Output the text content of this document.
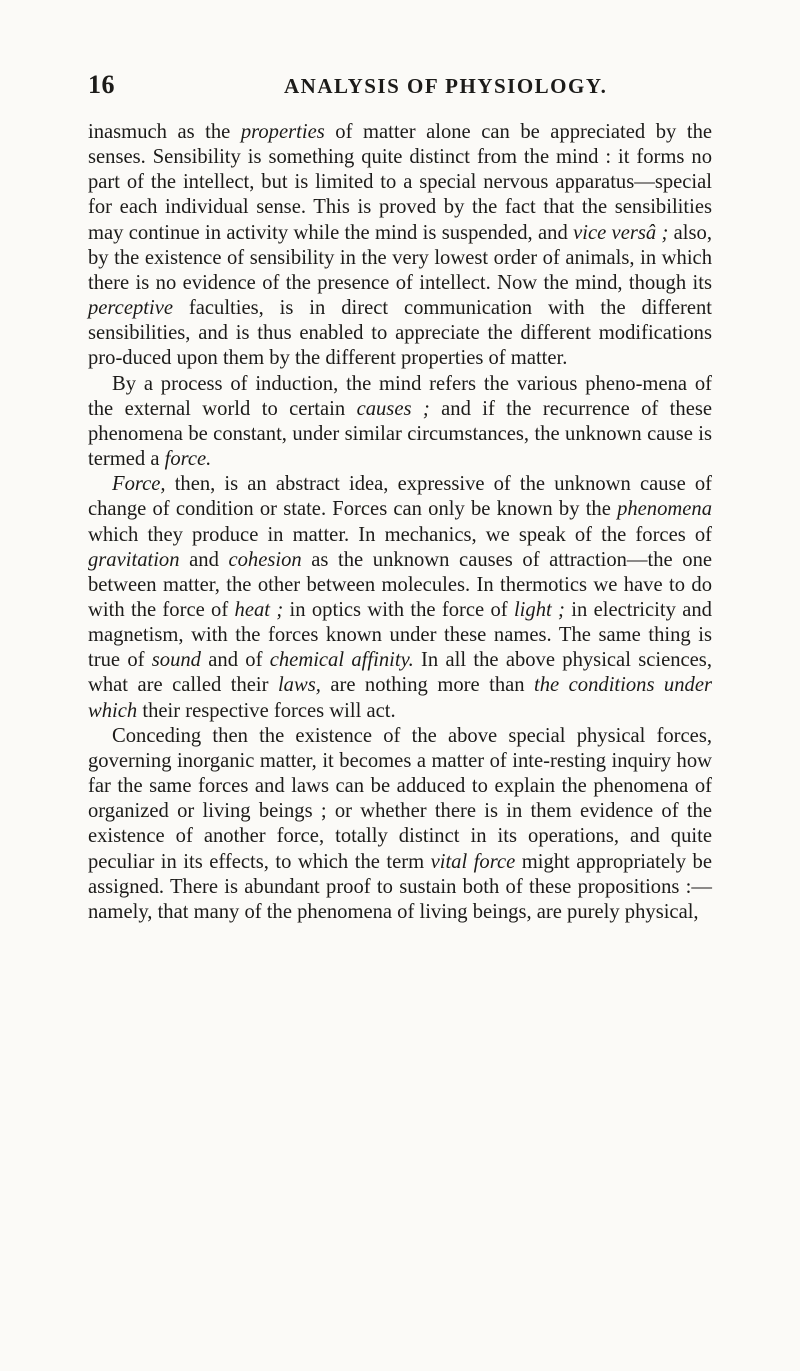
16	ANALYSIS OF PHYSIOLOGY.

inasmuch as the properties of matter alone can be appreciated by the senses. Sensibility is something quite distinct from the mind : it forms no part of the intellect, but is limited to a special nervous apparatus—special for each individual sense. This is proved by the fact that the sensibilities may continue in activity while the mind is suspended, and vice versâ ; also, by the existence of sensibility in the very lowest order of animals, in which there is no evidence of the presence of intellect. Now the mind, though its perceptive faculties, is in direct communication with the different sensibilities, and is thus enabled to appreciate the different modifications pro-duced upon them by the different properties of matter.

By a process of induction, the mind refers the various pheno-mena of the external world to certain causes ; and if the recurrence of these phenomena be constant, under similar circumstances, the unknown cause is termed a force.

Force, then, is an abstract idea, expressive of the unknown cause of change of condition or state. Forces can only be known by the phenomena which they produce in matter. In mechanics, we speak of the forces of gravitation and cohesion as the unknown causes of attraction—the one between matter, the other between molecules. In thermotics we have to do with the force of heat ; in optics with the force of light ; in electricity and magnetism, with the forces known under these names. The same thing is true of sound and of chemical affinity. In all the above physical sciences, what are called their laws, are nothing more than the conditions under which their respective forces will act.

Conceding then the existence of the above special physical forces, governing inorganic matter, it becomes a matter of inte-resting inquiry how far the same forces and laws can be adduced to explain the phenomena of organized or living beings ; or whether there is in them evidence of the existence of another force, totally distinct in its operations, and quite peculiar in its effects, to which the term vital force might appropriately be assigned. There is abundant proof to sustain both of these propositions :—namely, that many of the phenomena of living beings, are purely physical,
